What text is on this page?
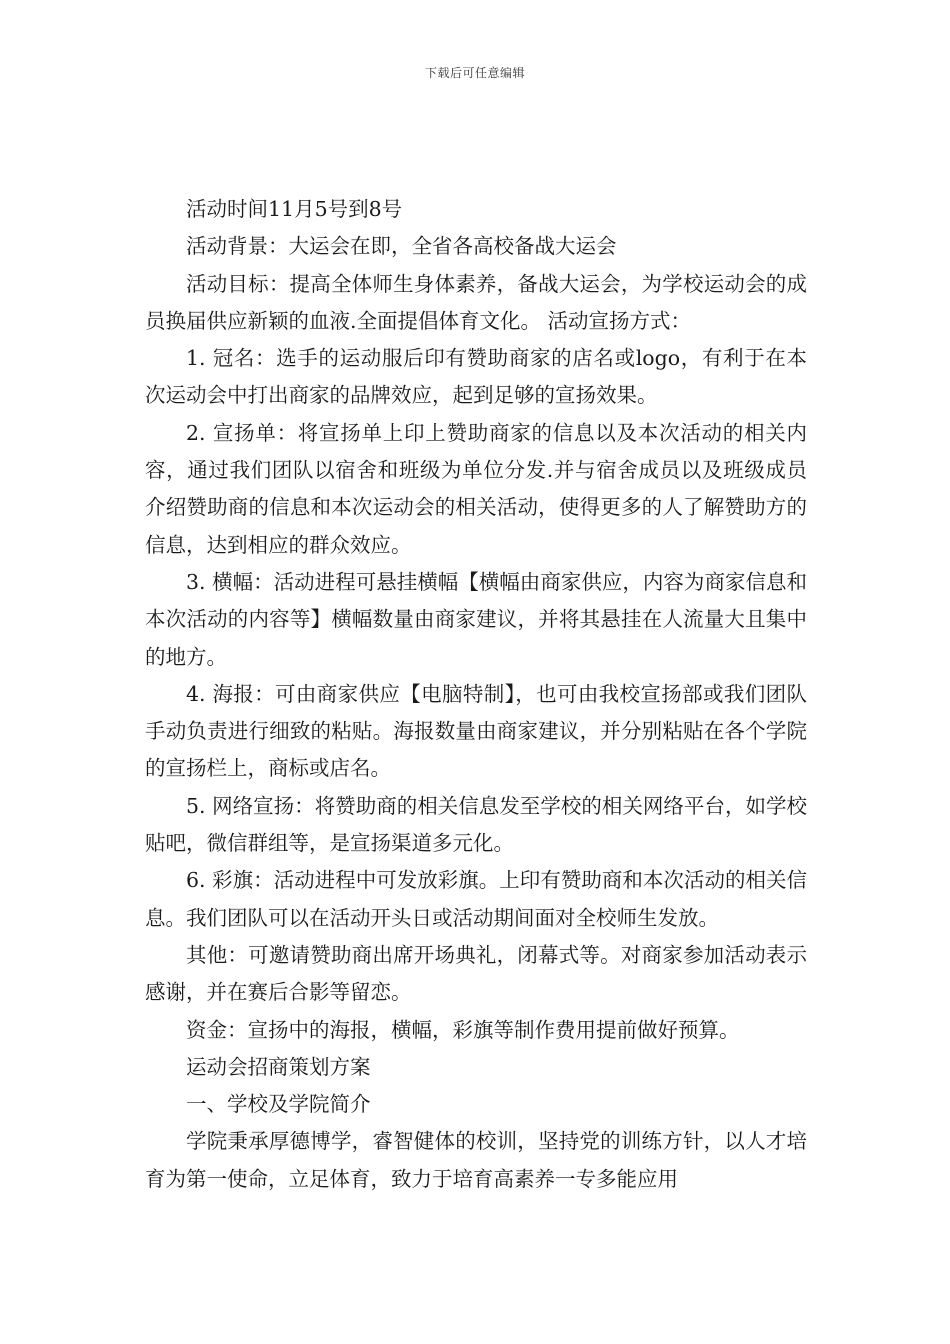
下载后可任意编辑

活动时间11月5号到8号

活动背景：大运会在即，全省各高校备战大运会

活动目标：提高全体师生身体素养，备战大运会，为学校运动会的成员换届供应新颖的血液.全面提倡体育文化。 活动宣扬方式：

1. 冠名：选手的运动服后印有赞助商家的店名或logo，有利于在本次运动会中打出商家的品牌效应，起到足够的宣扬效果。

2. 宣扬单：将宣扬单上印上赞助商家的信息以及本次活动的相关内容，通过我们团队以宿舍和班级为单位分发.并与宿舍成员以及班级成员介绍赞助商的信息和本次运动会的相关活动，使得更多的人了解赞助方的信息，达到相应的群众效应。

3. 横幅：活动进程可悬挂横幅【横幅由商家供应，内容为商家信息和本次活动的内容等】横幅数量由商家建议，并将其悬挂在人流量大且集中的地方。

4. 海报：可由商家供应【电脑特制】，也可由我校宣扬部或我们团队手动负责进行细致的粘贴。海报数量由商家建议，并分别粘贴在各个学院的宣扬栏上，商标或店名。

5. 网络宣扬：将赞助商的相关信息发至学校的相关网络平台，如学校贴吧，微信群组等，是宣扬渠道多元化。

6. 彩旗：活动进程中可发放彩旗。上印有赞助商和本次活动的相关信息。我们团队可以在活动开头日或活动期间面对全校师生发放。

其他：可邀请赞助商出席开场典礼，闭幕式等。对商家参加活动表示感谢，并在赛后合影等留恋。

资金：宣扬中的海报，横幅，彩旗等制作费用提前做好预算。

运动会招商策划方案

一、学校及学院简介

学院秉承厚德博学，睿智健体的校训，坚持党的训练方针，以人才培育为第一使命，立足体育，致力于培育高素养一专多能应用
